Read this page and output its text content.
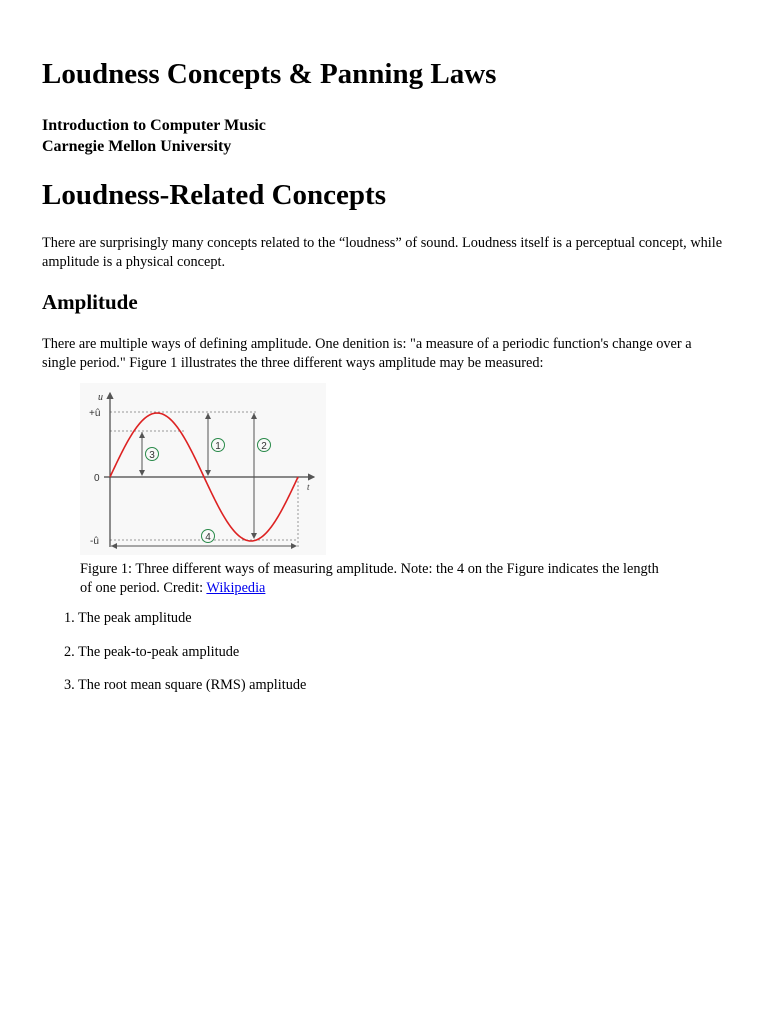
Loudness Concepts & Panning Laws
Introduction to Computer Music
Carnegie Mellon University
Loudness-Related Concepts

There are surprisingly many concepts related to the “loudness” of sound. Loudness itself is a perceptual concept, while amplitude is a physical concept.

Amplitude

There are multiple ways of defining amplitude. One denition is: "a measure of a periodic function's change over a single period." Figure 1 illustrates the three different ways amplitude may be measured:

1	2
3
4
u
t
+û
0
-û

Figure 1: Three different ways of measuring amplitude. Note: the 4 on the Figure indicates the length of one period. Credit: Wikipedia

1. The peak amplitude
2. The peak-to-peak amplitude
3. The root mean square (RMS) amplitude
